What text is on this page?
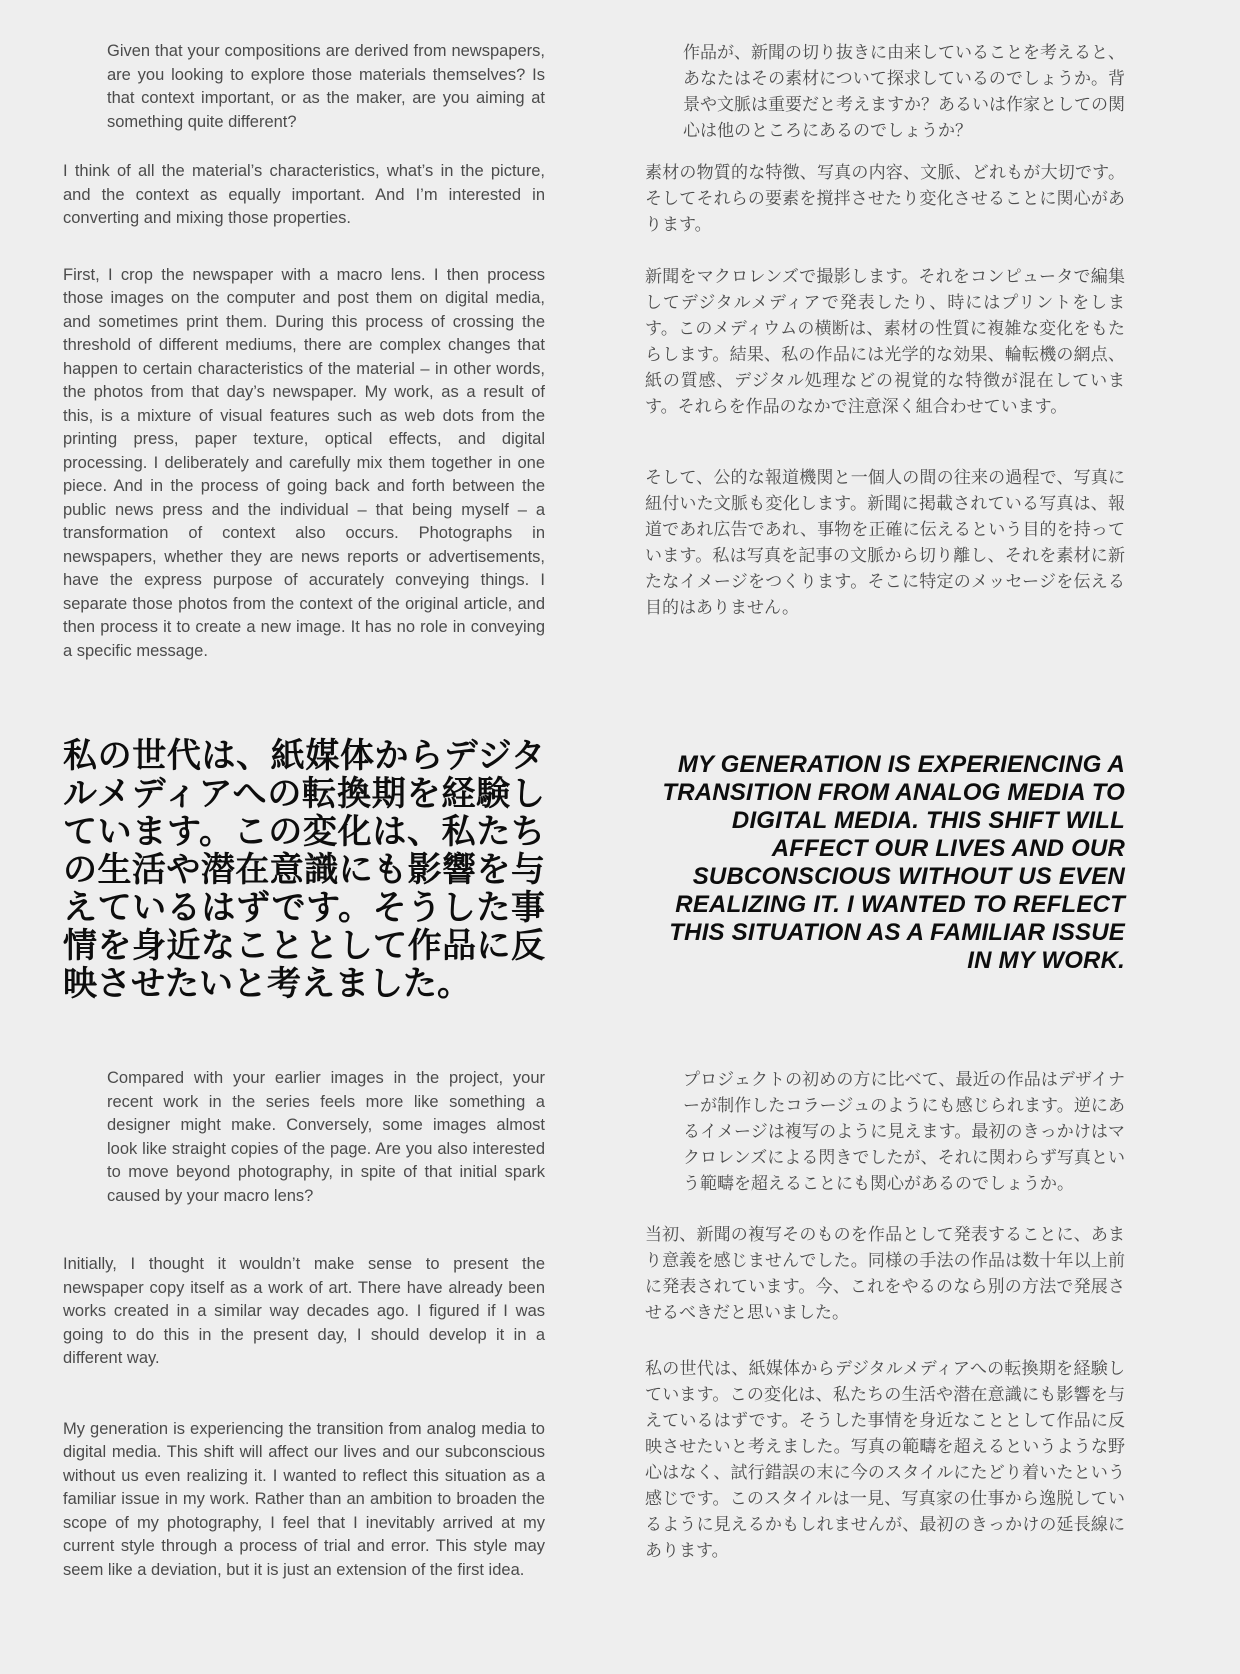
Given that your compositions are derived from newspapers, are you looking to explore those materials themselves? Is that context important, or as the maker, are you aiming at something quite different?

I think of all the material’s characteristics, what’s in the picture, and the context as equally important. And I’m interested in converting and mixing those properties.

First, I crop the newspaper with a macro lens. I then process those images on the computer and post them on digital media, and sometimes print them. During this process of crossing the threshold of different mediums, there are complex changes that happen to certain characteristics of the material – in other words, the photos from that day’s newspaper. My work, as a result of this, is a mixture of visual features such as web dots from the printing press, paper texture, optical effects, and digital processing. I deliberately and carefully mix them together in one piece. And in the process of going back and forth between the public news press and the individual – that being myself – a transformation of context also occurs. Photographs in newspapers, whether they are news reports or advertisements, have the express purpose of accurately conveying things. I separate those photos from the context of the original article, and then process it to create a new image. It has no role in conveying a specific message.

作品が、新聞の切り抜きに由来していることを考えると、あなたはその素材について探求しているのでしょうか。背景や文脈は重要だと考えますか？あるいは作家としての関心は他のところにあるのでしょうか？

素材の物質的な特徴、写真の内容、文脈、どれもが大切です。そしてそれらの要素を撹拌させたり変化させることに関心があります。

新聞をマクロレンズで撮影します。それをコンピュータで編集してデジタルメディアで発表したり、時にはプリントをします。このメディウムの横断は、素材の性質に複雑な変化をもたらします。結果、私の作品には光学的な効果、輪転機の網点、紙の質感、デジタル処理などの視覚的な特徴が混在しています。それらを作品のなかで注意深く組合わせています。

そして、公的な報道機関と一個人の間の往来の過程で、写真に紐付いた文脈も変化します。新聞に掲載されている写真は、報道であれ広告であれ、事物を正確に伝えるという目的を持っています。私は写真を記事の文脈から切り離し、それを素材に新たなイメージをつくります。そこに特定のメッセージを伝える目的はありません。

私の世代は、紙媒体からデジタルメディアへの転換期を経験しています。この変化は、私たちの生活や潜在意識にも影響を与えているはずです。そうした事情を身近なこととして作品に反映させたいと考えました。

MY GENERATION IS EXPERIENCING A TRANSITION FROM ANALOG MEDIA TO DIGITAL MEDIA. THIS SHIFT WILL AFFECT OUR LIVES AND OUR SUBCONSCIOUS WITHOUT US EVEN REALIZING IT. I WANTED TO REFLECT THIS SITUATION AS A FAMILIAR ISSUE IN MY WORK.

Compared with your earlier images in the project, your recent work in the series feels more like something a designer might make. Conversely, some images almost look like straight copies of the page. Are you also interested to move beyond photography, in spite of that initial spark caused by your macro lens?

Initially, I thought it wouldn’t make sense to present the newspaper copy itself as a work of art. There have already been works created in a similar way decades ago. I figured if I was going to do this in the present day, I should develop it in a different way.

My generation is experiencing the transition from analog media to digital media. This shift will affect our lives and our subconscious without us even realizing it. I wanted to reflect this situation as a familiar issue in my work. Rather than an ambition to broaden the scope of my photography, I feel that I inevitably arrived at my current style through a process of trial and error. This style may seem like a deviation, but it is just an extension of the first idea.

プロジェクトの初めの方に比べて、最近の作品はデザイナーが制作したコラージュのようにも感じられます。逆にあるイメージは複写のように見えます。最初のきっかけはマクロレンズによる閃きでしたが、それに関わらず写真という範疇を超えることにも関心があるのでしょうか。

当初、新聞の複写そのものを作品として発表することに、あまり意義を感じませんでした。同様の手法の作品は数十年以上前に発表されています。今、これをやるのなら別の方法で発展させるべきだと思いました。

私の世代は、紙媒体からデジタルメディアへの転換期を経験しています。この変化は、私たちの生活や潜在意識にも影響を与えているはずです。そうした事情を身近なこととして作品に反映させたいと考えました。写真の範疇を超えるというような野心はなく、試行錯誤の末に今のスタイルにたどり着いたという感じです。このスタイルは一見、写真家の仕事から逸脱しているように見えるかもしれませんが、最初のきっかけの延長線にあります。
